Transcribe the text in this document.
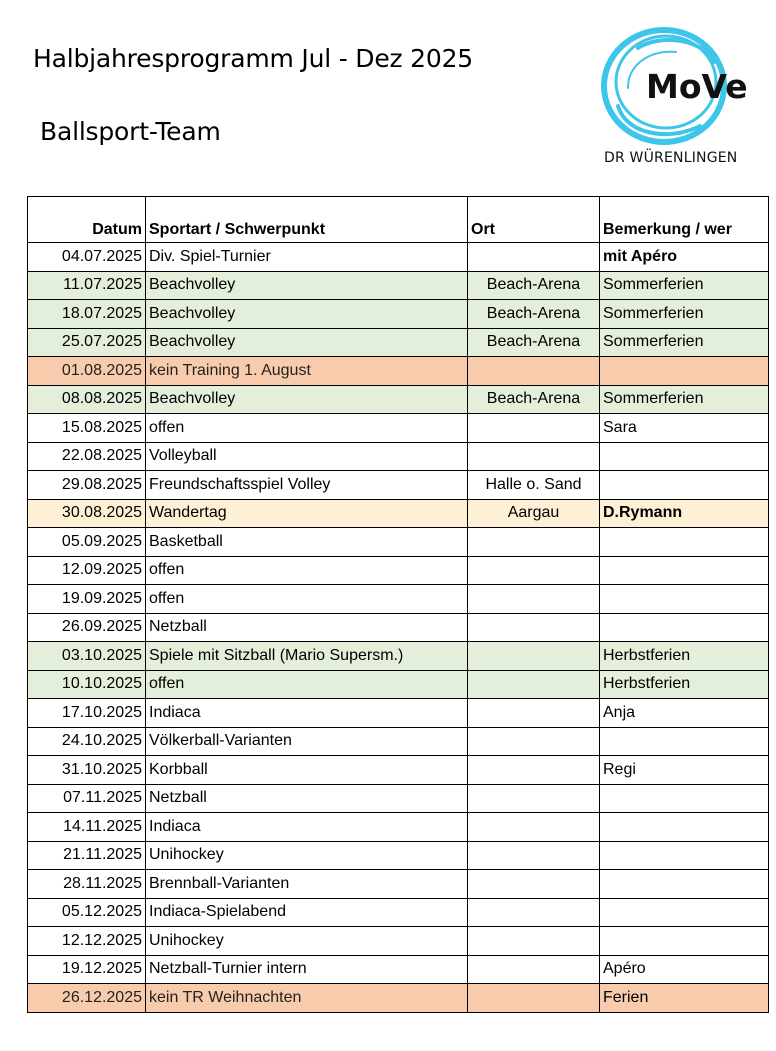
Halbjahresprogramm Jul - Dez 2025
Ballsport-Team
MoVe
DR WÜRENLINGEN
Datum	Sportart / Schwerpunkt	Ort	Bemerkung / wer
04.07.2025	Div. Spiel-Turnier		mit Apéro
11.07.2025	Beachvolley	Beach-Arena	Sommerferien
18.07.2025	Beachvolley	Beach-Arena	Sommerferien
25.07.2025	Beachvolley	Beach-Arena	Sommerferien
01.08.2025	kein Training 1. August		
08.08.2025	Beachvolley	Beach-Arena	Sommerferien
15.08.2025	offen		Sara
22.08.2025	Volleyball		
29.08.2025	Freundschaftsspiel Volley	Halle o. Sand	
30.08.2025	Wandertag	Aargau	D.Rymann
05.09.2025	Basketball		
12.09.2025	offen		
19.09.2025	offen		
26.09.2025	Netzball		
03.10.2025	Spiele mit Sitzball (Mario Supersm.)		Herbstferien
10.10.2025	offen		Herbstferien
17.10.2025	Indiaca		Anja
24.10.2025	Völkerball-Varianten		
31.10.2025	Korbball		Regi
07.11.2025	Netzball		
14.11.2025	Indiaca		
21.11.2025	Unihockey		
28.11.2025	Brennball-Varianten		
05.12.2025	Indiaca-Spielabend		
12.12.2025	Unihockey		
19.12.2025	Netzball-Turnier intern		Apéro
26.12.2025	kein TR Weihnachten		Ferien
